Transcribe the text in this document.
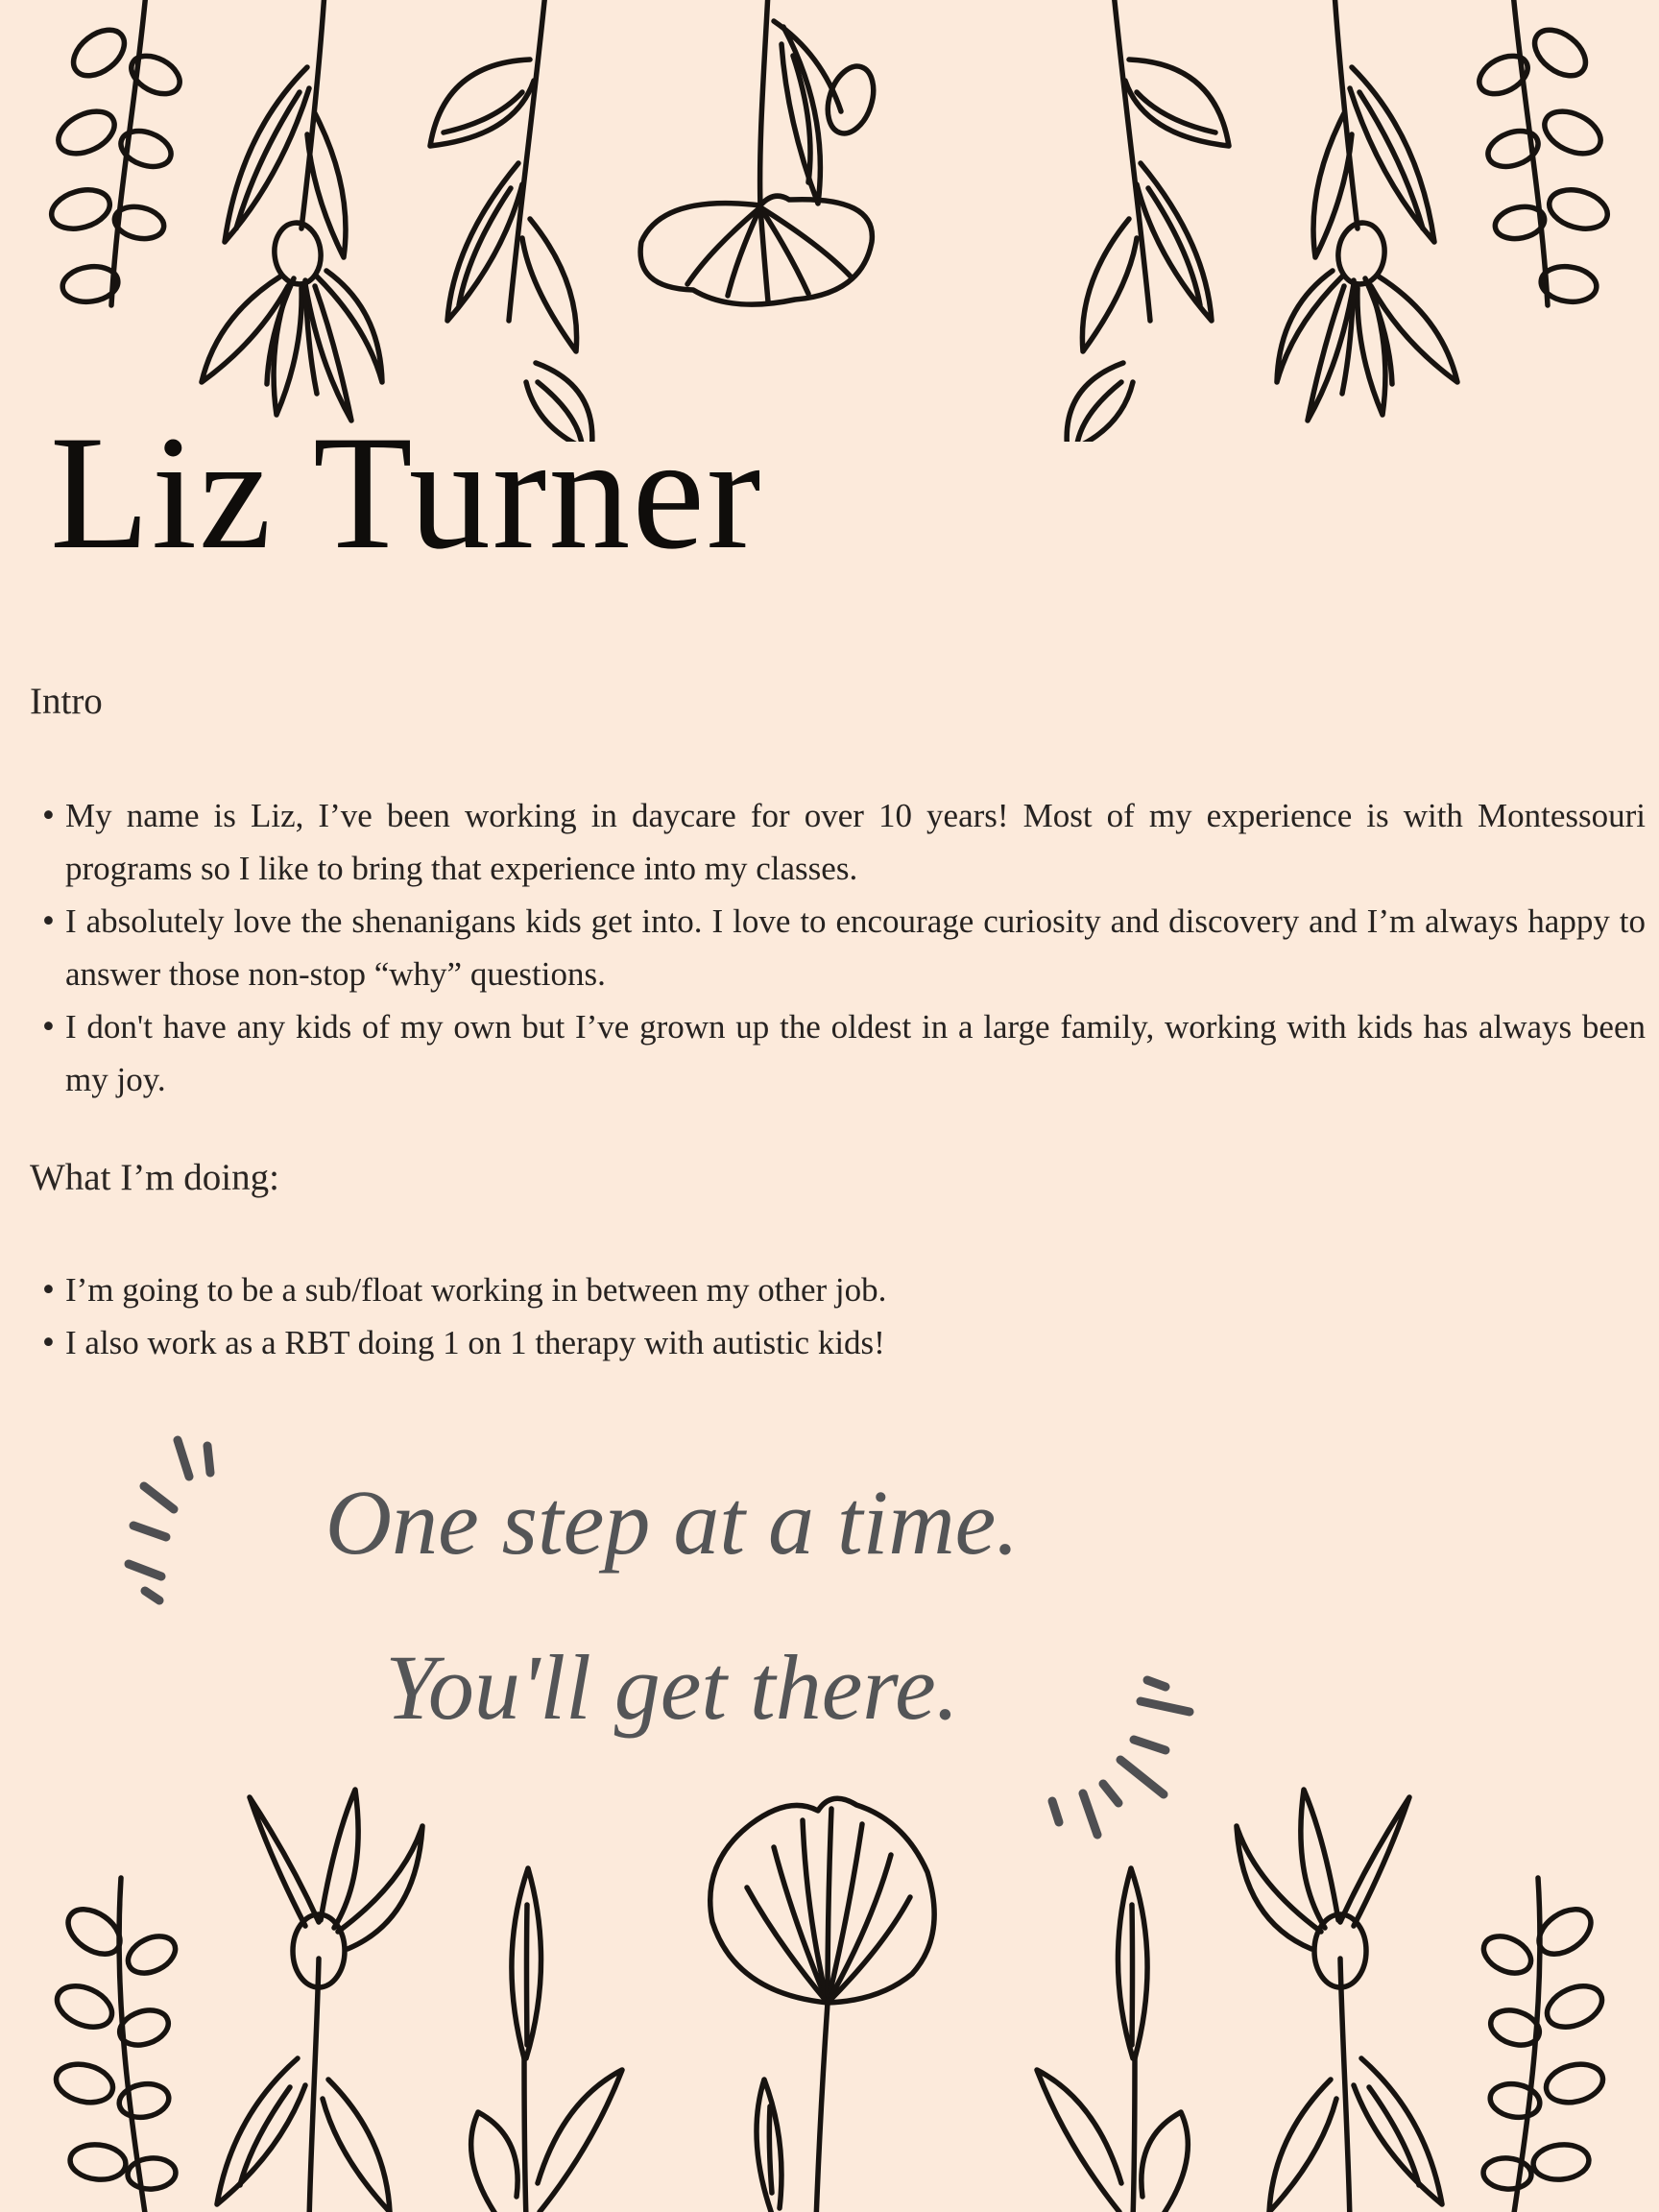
Liz Turner
Intro
• My name is Liz, I’ve been working in daycare for over 10 years! Most of my experience is with Montessouri programs so I like to bring that experience into my classes.
• I absolutely love the shenanigans kids get into. I love to encourage curiosity and discovery and I’m always happy to answer those non-stop “why” questions.
• I don't have any kids of my own but I’ve grown up the oldest in a large family, working with kids has always been my joy.
What I’m doing:
• I’m going to be a sub/float working in between my other job.
• I also work as a RBT doing 1 on 1 therapy with autistic kids!
One step at a time.
You'll get there.
